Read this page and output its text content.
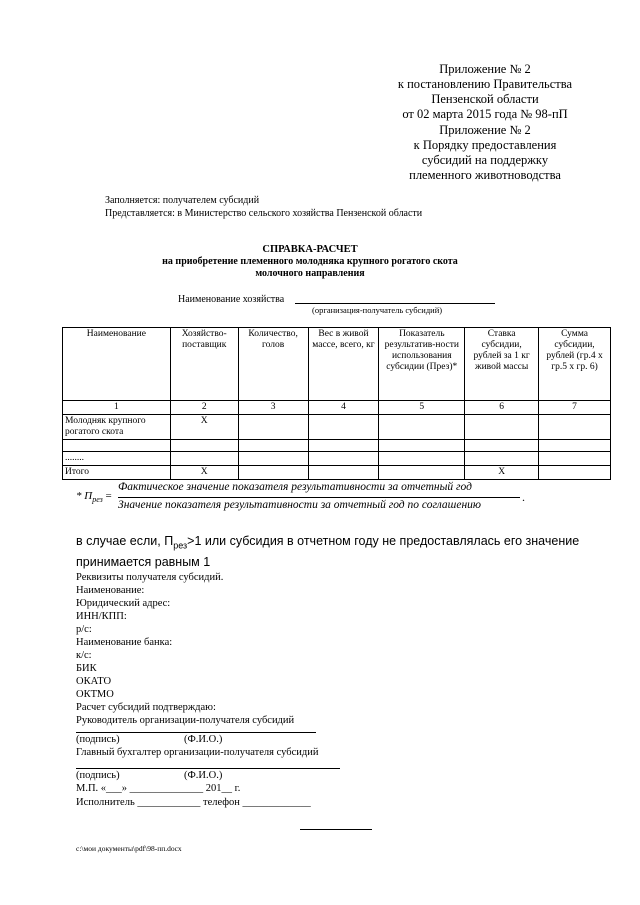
Приложение № 2
к постановлению Правительства
Пензенской области
от 02 марта 2015 года № 98-пП
Приложение № 2
к Порядку предоставления
субсидий на поддержку
племенного животноводства
Заполняется: получателем субсидий
Представляется: в Министерство сельского хозяйства Пензенской области
СПРАВКА-РАСЧЕТ
на приобретение племенного молодняка крупного рогатого скота
молочного направления
Наименование хозяйства
(организация-получатель субсидий)
Наименование	Хозяйство-поставщик	Количество, голов	Вес в живой массе, всего, кг	Показатель результатив-ности использования субсидии (През)*	Ставка субсидии, рублей за 1 кг живой массы	Сумма субсидии, рублей (гр.4 х гр.5 х гр. 6)
1	2	3	4	5	6	7
Молодняк крупного рогатого скота	X					

........						
Итого	X				X	
* $П_{рез}$ =
Фактическое значение показателя результативности за отчетный год
Значение показателя результативности за отчетный год по соглашению
.
в случае если, $П_{рез}>1$ или субсидия в отчетном году не предоставлялась его значение
принимается равным 1
Реквизиты получателя субсидий.
Наименование:
Юридический адрес:
ИНН/КПП:
р/с:
Наименование банка:
к/с:
БИК
ОКАТО
ОКТМО
Расчет субсидий подтверждаю:
Руководитель организации-получателя субсидий
(подпись)	(Ф.И.О.)
Главный бухгалтер организации-получателя субсидий
(подпись)	(Ф.И.О.)
М.П. «___» ______________ 201__ г.
Исполнитель ____________ телефон _____________
c:\мои документы\pdf\98-пп.docx
